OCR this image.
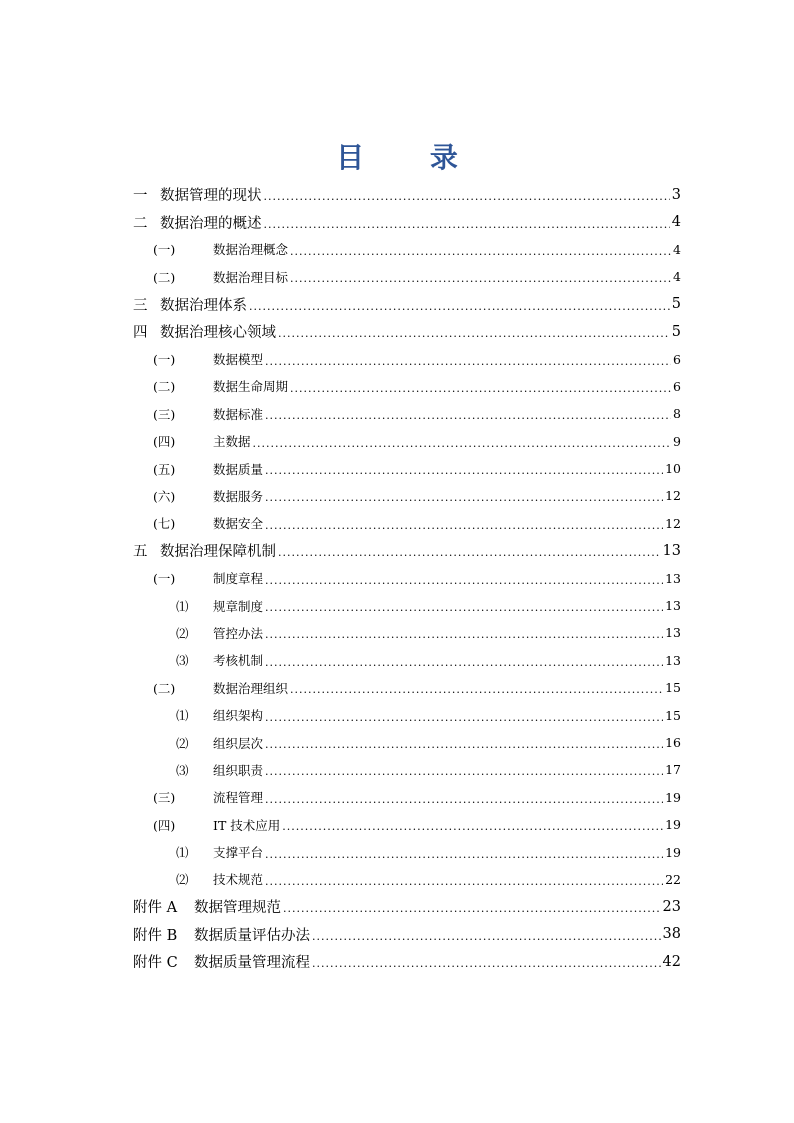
目 录
一 数据管理的现状 .....	3
二 数据治理的概述 .....	4
(一)	数据治理概念 .....	4
(二)	数据治理目标 .....	4
三 数据治理体系 .....	5
四 数据治理核心领域 .....	5
(一)	数据模型 .....	6
(二)	数据生命周期 .....	6
(三)	数据标准 .....	8
(四)	主数据 .....	9
(五)	数据质量 .....	10
(六)	数据服务 .....	12
(七)	数据安全 .....	12
五 数据治理保障机制 .....	13
(一)	制度章程 .....	13
⑴	规章制度 .....	13
⑵	管控办法 .....	13
⑶	考核机制 .....	13
(二)	数据治理组织 .....	15
⑴	组织架构 .....	15
⑵	组织层次 .....	16
⑶	组织职责 .....	17
(三)	流程管理 .....	19
(四)	IT 技术应用 .....	19
⑴	支撑平台 .....	19
⑵	技术规范 .....	22
附件 A	数据管理规范 .....	23
附件 B	数据质量评估办法 .....	38
附件 C	数据质量管理流程 .....	42
